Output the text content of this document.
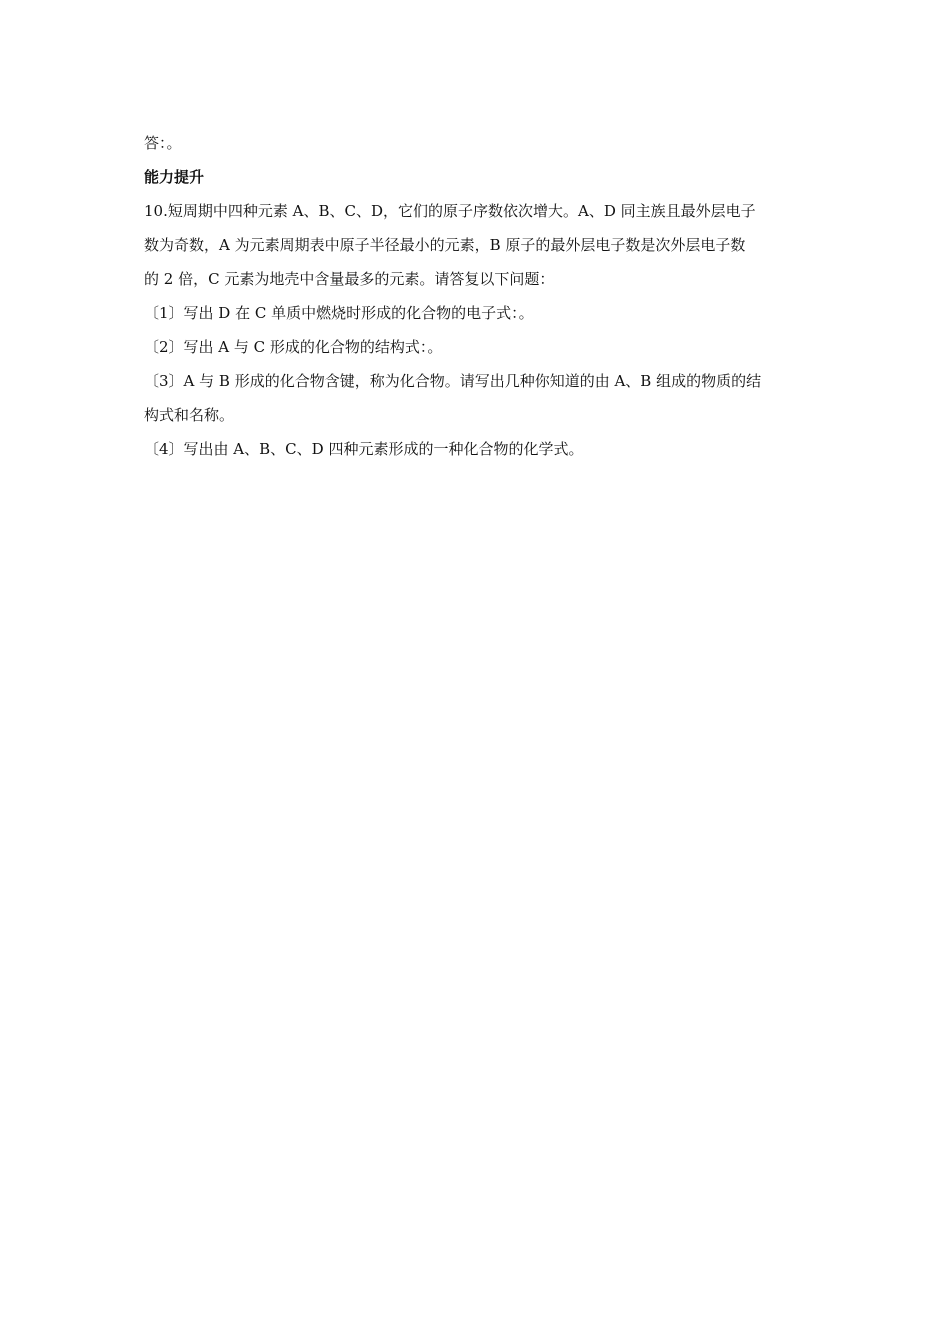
答：。

能力提升

10.短周期中四种元素 A、B、C、D，它们的原子序数依次增大。A、D 同主族且最外层电子

数为奇数，A 为元素周期表中原子半径最小的元素，B 原子的最外层电子数是次外层电子数

的 2 倍，C 元素为地壳中含量最多的元素。请答复以下问题：

〔1〕写出 D 在 C 单质中燃烧时形成的化合物的电子式：。

〔2〕写出 A 与 C 形成的化合物的结构式：。

〔3〕A 与 B 形成的化合物含键，称为化合物。请写出几种你知道的由 A、B 组成的物质的结

构式和名称。

〔4〕写出由 A、B、C、D 四种元素形成的一种化合物的化学式。
